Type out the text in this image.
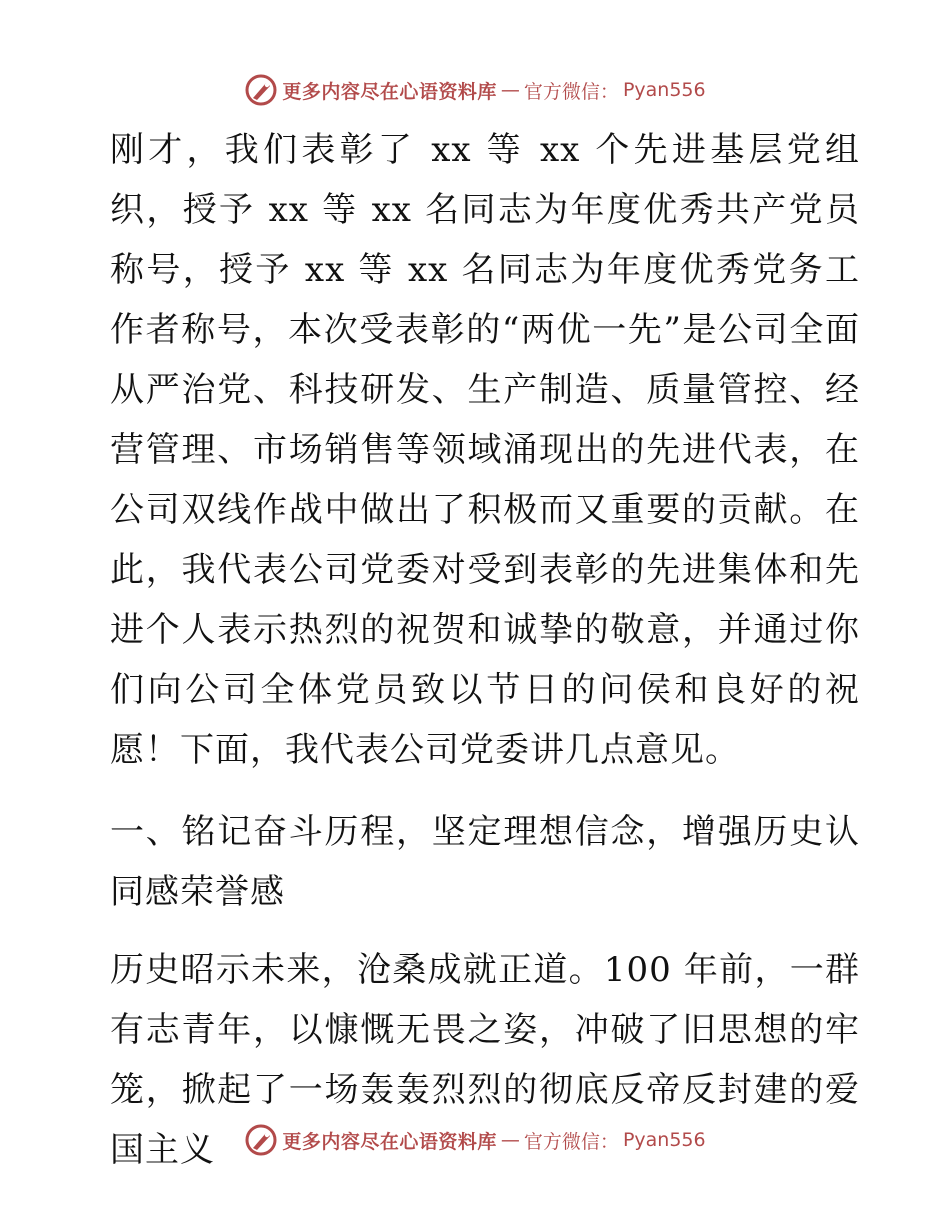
更多内容尽在心语资料库 — 官方微信： Pyan556

刚才，我们表彰了 xx 等 xx 个先进基层党组织，授予 xx 等 xx 名同志为年度优秀共产党员称号，授予 xx 等 xx 名同志为年度优秀党务工作者称号，本次受表彰的“两优一先”是公司全面从严治党、科技研发、生产制造、质量管控、经营管理、市场销售等领域涌现出的先进代表，在公司双线作战中做出了积极而又重要的贡献。在此，我代表公司党委对受到表彰的先进集体和先进个人表示热烈的祝贺和诚挚的敬意，并通过你们向公司全体党员致以节日的问侯和良好的祝愿！下面，我代表公司党委讲几点意见。

一、铭记奋斗历程，坚定理想信念，增强历史认同感荣誉感

历史昭示未来，沧桑成就正道。100 年前，一群有志青年，以慷慨无畏之姿，冲破了旧思想的牢笼，掀起了一场轰轰烈烈的彻底反帝反封建的爱国主义	更多内容尽在心语资料库 — 官方微信： Pyan556
